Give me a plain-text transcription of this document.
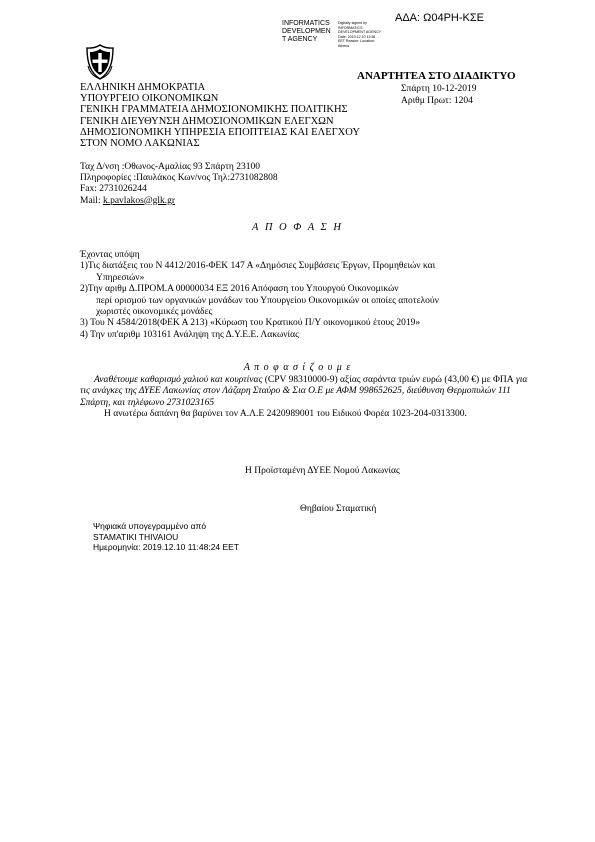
ΑΔΑ: Ω04ΡΗ-ΚΣΕ
INFORMATICS
DEVELOPMEN
T AGENCY
Digitally signed by INFORMATICS DEVELOPMENT AGENCY Date: 2019.12.10 11:58 EET Reason: Location: Athens
ΑΝΑΡΤΗΤΕΑ ΣΤΟ ΔΙΑΔΙΚΤΥΟ
Σπάρτη 10-12-2019
Αριθμ Πρωτ: 1204
ΕΛΛΗΝΙΚΗ ΔΗΜΟΚΡΑΤΙΑ
ΥΠΟΥΡΓΕΙΟ ΟΙΚΟΝΟΜΙΚΩΝ
ΓΕΝΙΚΗ ΓΡΑΜΜΑΤΕΙΑ ΔΗΜΟΣΙΟΝΟΜΙΚΗΣ ΠΟΛΙΤΙΚΗΣ
ΓΕΝΙΚΗ ΔΙΕΥΘΥΝΣΗ ΔΗΜΟΣΙΟΝΟΜΙΚΩΝ ΕΛΕΓΧΩΝ
ΔΗΜΟΣΙΟΝΟΜΙΚΗ ΥΠΗΡΕΣΙΑ ΕΠΟΠΤΕΙΑΣ ΚΑΙ ΕΛΕΓΧΟΥ
ΣΤΟΝ ΝΟΜΟ ΛΑΚΩΝΙΑΣ
Ταχ Δ/νση :Οθωνος-Αμαλίας 93 Σπάρτη 23100
Πληροφορίες :Παυλάκος Κων/νος Τηλ:2731082808
Fax: 2731026244
Mail: k.pavlakos@glk.gr
Α Π Ο Φ Α Σ Η
Έχοντας υπόψη
1)Τις διατάξεις του Ν 4412/2016-ΦΕΚ 147 Α «Δημόσιες Συμβάσεις Έργων, Προμηθειών και
Υπηρεσιών»
2)Την αριθμ Δ.ΠΡΟΜ.Α 00000034 ΕΞ 2016 Απόφαση του Υπουργού Οικονομικών
περί ορισμού των οργανικών μονάδων του Υπουργείου Οικονομικών οι οποίες αποτελούν
χωριστές οικονομικές μονάδες
3) Του Ν 4584/2018(ΦΕΚ Α 213) «Κύρωση του Κρατικού Π/Υ οικονομικού έτους 2019»
4) Την υπ'αριθμ 103161 Ανάληψη της Δ.Υ.Ε.Ε. Λακωνίας
Α π ο φ α σ ί ζ ο υ μ ε

Αναθέτουμε καθαρισμό χαλιού και κουρτίνας (CPV 98310000-9) αξίας σαράντα τριών ευρώ (43,00 €) με ΦΠΑ για τις ανάγκες της ΔΥΕΕ Λακωνίας στον Λάζαρη Σταύρο & Σια Ο.Ε με ΑΦΜ 998652625, διεύθυνση Θερμοπυλών 111 Σπάρτη, και τηλέφωνο 2731023165

Η ανωτέρω δαπάνη θα βαρύνει τον Α.Λ.Ε 2420989001 του Ειδικού Φορέα 1023-204-0313300.

Η Προϊσταμένη ΔΥΕΕ Νομού Λακωνίας
Θηβαίου Σταματική
Ψηφιακά υπογεγραμμένο από
STAMATIKI THIVAIOU
Ημερομηνία: 2019.12.10 11:48:24 EET
